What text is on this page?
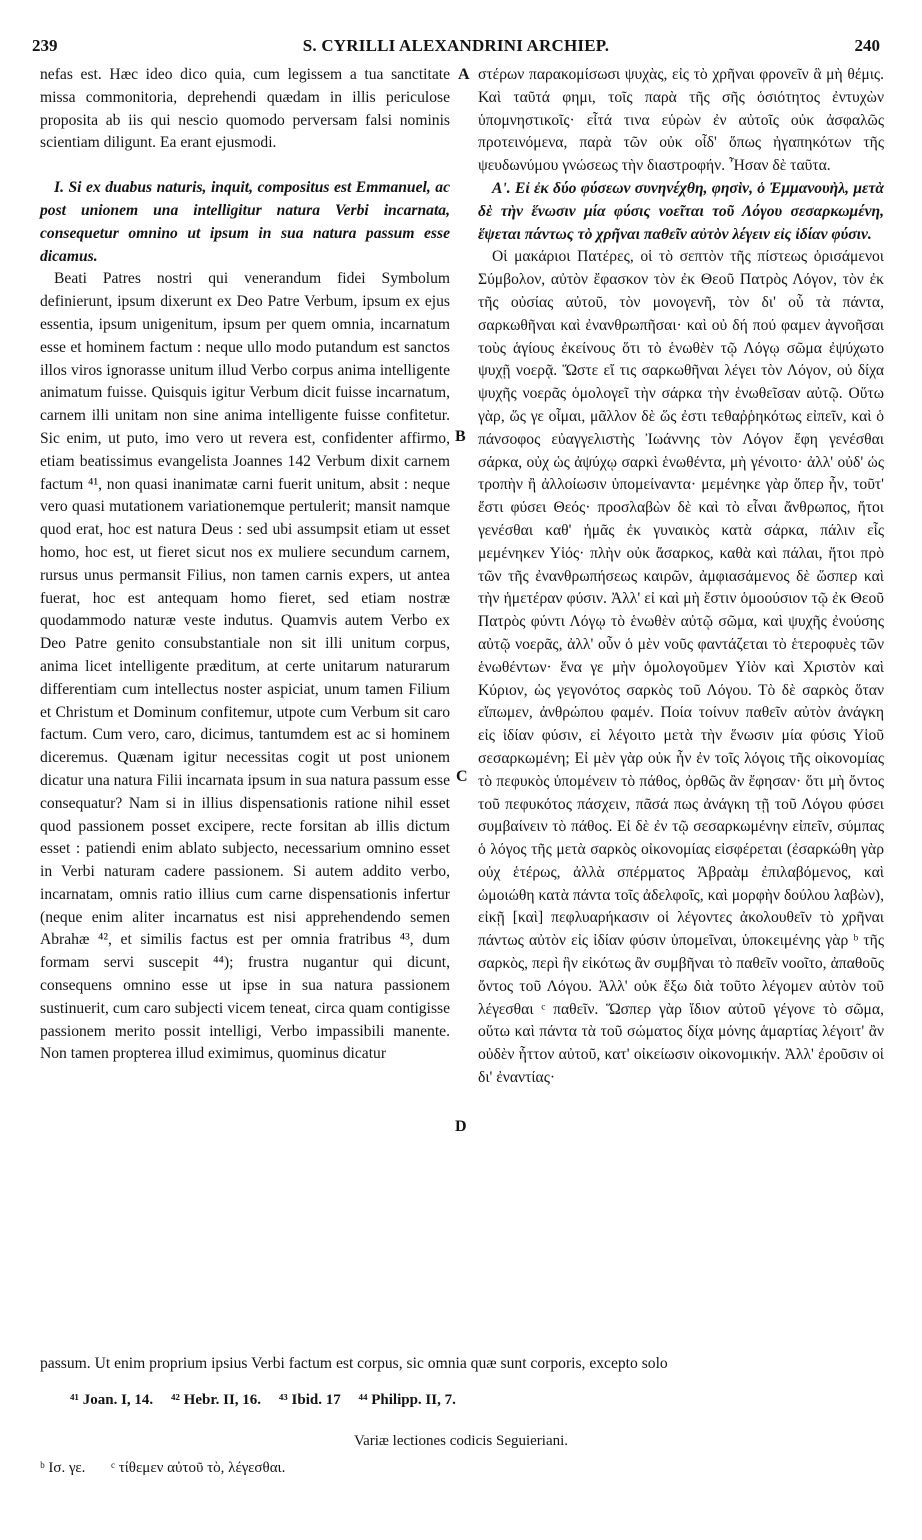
239	S. CYRILLI ALEXANDRINI ARCHIEP.	240

nefas est. Hæc ideo dico quia, cum legissem a tua sanctitate missa commonitoria, deprehendi quædam in illis periculose proposita ab iis qui nescio quomodo perversam falsi nominis scientiam diligunt. Ea erant ejusmodi.

I. Si ex duabus naturis, inquit, compositus est Emmanuel, ac post unionem una intelligitur natura Verbi incarnata, consequetur omnino ut ipsum in sua natura passum esse dicamus.

Beati Patres nostri qui venerandum fidei Symbolum definierunt, ipsum dixerunt ex Deo Patre Verbum, ipsum ex ejus essentia, ipsum unigenitum, ipsum per quem omnia, incarnatum esse et hominem factum : neque ullo modo putandum est sanctos illos viros ignorasse unitum illud Verbo corpus anima intelligente animatum fuisse. Quisquis igitur Verbum dicit fuisse incarnatum, carnem illi unitam non sine anima intelligente fuisse confitetur. Sic enim, ut puto, imo vero ut revera est, confidenter affirmo, etiam beatissimus evangelista Joannes 142 Verbum dixit carnem factum ⁴¹, non quasi inanimatæ carni fuerit unitum, absit : neque vero quasi mutationem variationemque pertulerit; mansit namque quod erat, hoc est natura Deus : sed ubi assumpsit etiam ut esset homo, hoc est, ut fieret sicut nos ex muliere secundum carnem, rursus unus permansit Filius, non tamen carnis expers, ut antea fuerat, hoc est antequam homo fieret, sed etiam nostræ quodammodo naturæ veste indutus. Quamvis autem Verbo ex Deo Patre genito consubstantiale non sit illi unitum corpus, anima licet intelligente præditum, at certe unitarum naturarum differentiam cum intellectus noster aspiciat, unum tamen Filium et Christum et Dominum confitemur, utpote cum Verbum sit caro factum. Cum vero, caro, dicimus, tantumdem est ac si hominem diceremus. Quænam igitur necessitas cogit ut post unionem dicatur una natura Filii incarnata ipsum in sua natura passum esse consequatur? Nam si in illius dispensationis ratione nihil esset quod passionem posset excipere, recte forsitan ab illis dictum esset : patiendi enim ablato subjecto, necessarium omnino esset in Verbi naturam cadere passionem. Si autem addito verbo, incarnatam, omnis ratio illius cum carne dispensationis infertur (neque enim aliter incarnatus est nisi apprehendendo semen Abrahæ ⁴², et similis factus est per omnia fratribus ⁴³, dum formam servi suscepit ⁴⁴); frustra nugantur qui dicunt, consequens omnino esse ut ipse in sua natura passionem sustinuerit, cum caro subjecti vicem teneat, circa quam contigisse passionem merito possit intelligi, Verbo impassibili manente. Non tamen propterea illud eximimus, quominus dicatur

A
B
C
D

στέρων παρακομίσωσι ψυχὰς, εἰς τὸ χρῆναι φρονεῖν ἃ μὴ θέμις. Καὶ ταῦτά φημι, τοῖς παρὰ τῆς σῆς ὁσιότητος ἐντυχὼν ὑπομνηστικοῖς· εἶτά τινα εὑρὼν ἐν αὐτοῖς οὐκ ἀσφαλῶς προτεινόμενα, παρὰ τῶν οὐκ οἶδ' ὅπως ἠγαπηκότων τῆς ψευδωνύμου γνώσεως τὴν διαστροφήν. Ἦσαν δὲ ταῦτα.

Αʹ. Εἰ ἐκ δύο φύσεων συνηνέχθη, φησὶν, ὁ Ἐμμανουὴλ, μετὰ δὲ τὴν ἕνωσιν μία φύσις νοεῖται τοῦ Λόγου σεσαρκωμένη, ἕψεται πάντως τὸ χρῆναι παθεῖν αὐτὸν λέγειν εἰς ἰδίαν φύσιν.

Οἱ μακάριοι Πατέρες, οἱ τὸ σεπτὸν τῆς πίστεως ὁρισάμενοι Σύμβολον, αὐτὸν ἔφασκον τὸν ἐκ Θεοῦ Πατρὸς Λόγον, τὸν ἐκ τῆς οὐσίας αὐτοῦ, τὸν μονογενῆ, τὸν δι' οὗ τὰ πάντα, σαρκωθῆναι καὶ ἐνανθρωπῆσαι· καὶ οὐ δή πού φαμεν ἀγνοῆσαι τοὺς ἁγίους ἐκείνους ὅτι τὸ ἑνωθὲν τῷ Λόγῳ σῶμα ἐψύχωτο ψυχῇ νοερᾷ. Ὥστε εἴ τις σαρκωθῆναι λέγει τὸν Λόγον, οὐ δίχα ψυχῆς νοερᾶς ὁμολογεῖ τὴν σάρκα τὴν ἑνωθεῖσαν αὐτῷ. Οὕτω γὰρ, ὥς γε οἶμαι, μᾶλλον δὲ ὥς ἐστι τεθαῤῥηκότως εἰπεῖν, καὶ ὁ πάνσοφος εὐαγγελιστὴς Ἰωάννης τὸν Λόγον ἔφη γενέσθαι σάρκα, οὐχ ὡς ἀψύχῳ σαρκὶ ἑνωθέντα, μὴ γένοιτο· ἀλλ' οὐδ' ὡς τροπὴν ἢ ἀλλοίωσιν ὑπομείναντα· μεμένηκε γὰρ ὅπερ ἦν, τοῦτ' ἔστι φύσει Θεός· προσλαβὼν δὲ καὶ τὸ εἶναι ἄνθρωπος, ἤτοι γενέσθαι καθ' ἡμᾶς ἐκ γυναικὸς κατὰ σάρκα, πάλιν εἷς μεμένηκεν Υἱός· πλὴν οὐκ ἄσαρκος, καθὰ καὶ πάλαι, ἤτοι πρὸ τῶν τῆς ἐνανθρωπήσεως καιρῶν, ἀμφιασάμενος δὲ ὥσπερ καὶ τὴν ἡμετέραν φύσιν. Ἀλλ' εἰ καὶ μὴ ἔστιν ὁμοούσιον τῷ ἐκ Θεοῦ Πατρὸς φύντι Λόγῳ τὸ ἑνωθὲν αὐτῷ σῶμα, καὶ ψυχῆς ἐνούσης αὐτῷ νοερᾶς, ἀλλ' οὖν ὁ μὲν νοῦς φαντάζεται τὸ ἑτεροφυὲς τῶν ἑνωθέντων· ἕνα γε μὴν ὁμολογοῦμεν Υἱὸν καὶ Χριστὸν καὶ Κύριον, ὡς γεγονότος σαρκὸς τοῦ Λόγου. Τὸ δὲ σαρκὸς ὅταν εἴπωμεν, ἀνθρώπου φαμέν. Ποία τοίνυν παθεῖν αὐτὸν ἀνάγκη εἰς ἰδίαν φύσιν, εἰ λέγοιτο μετὰ τὴν ἕνωσιν μία φύσις Υἱοῦ σεσαρκωμένη; Εἰ μὲν γὰρ οὐκ ἦν ἐν τοῖς λόγοις τῆς οἰκονομίας τὸ πεφυκὸς ὑπομένειν τὸ πάθος, ὀρθῶς ἂν ἔφησαν· ὅτι μὴ ὄντος τοῦ πεφυκότος πάσχειν, πᾶσά πως ἀνάγκη τῇ τοῦ Λόγου φύσει συμβαίνειν τὸ πάθος. Εἰ δὲ ἐν τῷ σεσαρκωμένην εἰπεῖν, σύμπας ὁ λόγος τῆς μετὰ σαρκὸς οἰκονομίας εἰσφέρεται (ἐσαρκώθη γὰρ οὐχ ἑτέρως, ἀλλὰ σπέρματος Ἀβραὰμ ἐπιλαβόμενος, καὶ ὡμοιώθη κατὰ πάντα τοῖς ἀδελφοῖς, καὶ μορφὴν δούλου λαβὼν), εἰκῇ [καὶ] πεφλυαρήκασιν οἱ λέγοντες ἀκολουθεῖν τὸ χρῆναι πάντως αὐτὸν εἰς ἰδίαν φύσιν ὑπομεῖναι, ὑποκειμένης γὰρ ᵇ τῆς σαρκὸς, περὶ ἣν εἰκότως ἂν συμβῆναι τὸ παθεῖν νοοῖτο, ἀπαθοῦς ὄντος τοῦ Λόγου. Ἀλλ' οὐκ ἔξω διὰ τοῦτο λέγομεν αὐτὸν τοῦ λέγεσθαι ᶜ παθεῖν. Ὥσπερ γὰρ ἴδιον αὐτοῦ γέγονε τὸ σῶμα, οὕτω καὶ πάντα τὰ τοῦ σώματος δίχα μόνης ἁμαρτίας λέγοιτ' ἂν οὐδὲν ἧττον αὐτοῦ, κατ' οἰκείωσιν οἰκονομικήν. Ἀλλ' ἐροῦσιν οἱ δι' ἐναντίας·

passum. Ut enim proprium ipsius Verbi factum est corpus, sic omnia quæ sunt corporis, excepto solo
⁴¹ Joan. I, 14. ⁴² Hebr. II, 16. ⁴³ Ibid. 17 ⁴⁴ Philipp. II, 7.
Variæ lectiones codicis Seguieriani.
ᵇ Ισ. γε. ᶜ τίθεμεν αὐτοῦ τὸ, λέγεσθαι.
